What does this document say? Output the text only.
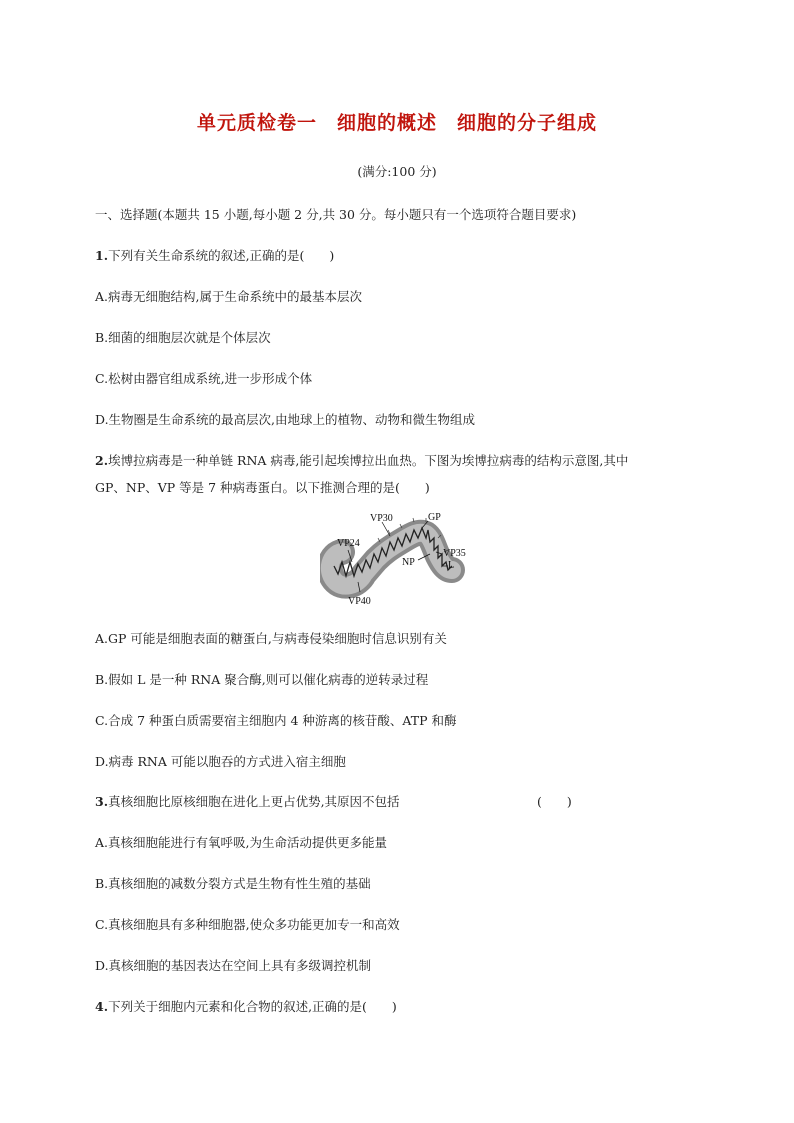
单元质检卷一　细胞的概述　细胞的分子组成
(满分:100 分)
一、选择题(本题共 15 小题,每小题 2 分,共 30 分。每小题只有一个选项符合题目要求)
1.下列有关生命系统的叙述,正确的是(　　)
A.病毒无细胞结构,属于生命系统中的最基本层次
B.细菌的细胞层次就是个体层次
C.松树由器官组成系统,进一步形成个体
D.生物圈是生命系统的最高层次,由地球上的植物、动物和微生物组成
2.埃博拉病毒是一种单链 RNA 病毒,能引起埃博拉出血热。下图为埃博拉病毒的结构示意图,其中
GP、NP、VP 等是 7 种病毒蛋白。以下推测合理的是(　　)
VP30	GP
VP24
VP35
NP	L
VP40
A.GP 可能是细胞表面的糖蛋白,与病毒侵染细胞时信息识别有关
B.假如 L 是一种 RNA 聚合酶,则可以催化病毒的逆转录过程
C.合成 7 种蛋白质需要宿主细胞内 4 种游离的核苷酸、ATP 和酶
D.病毒 RNA 可能以胞吞的方式进入宿主细胞
3.真核细胞比原核细胞在进化上更占优势,其原因不包括	(　　)
A.真核细胞能进行有氧呼吸,为生命活动提供更多能量
B.真核细胞的减数分裂方式是生物有性生殖的基础
C.真核细胞具有多种细胞器,使众多功能更加专一和高效
D.真核细胞的基因表达在空间上具有多级调控机制
4.下列关于细胞内元素和化合物的叙述,正确的是(　　)
